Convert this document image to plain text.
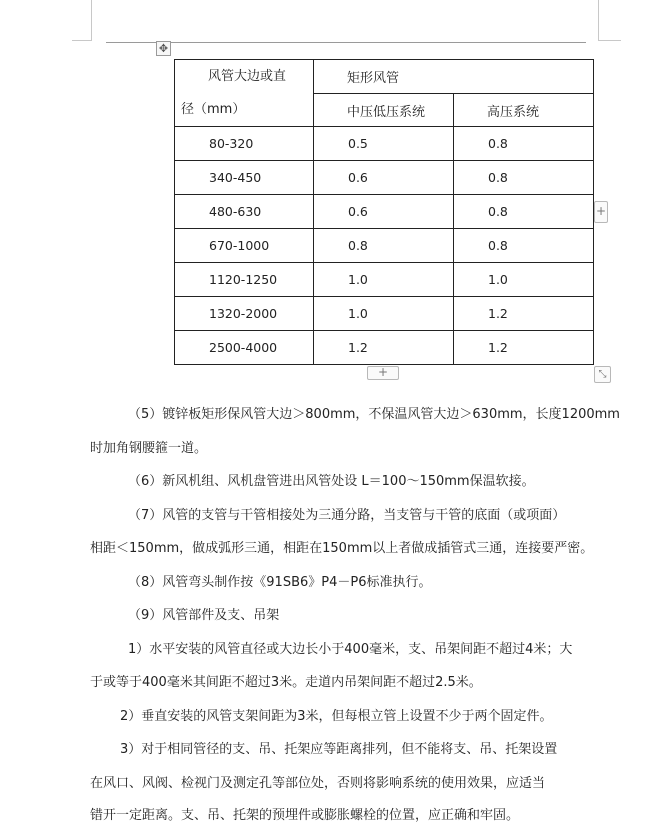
✥
风管大边或直
径（mm）	矩形风管	
	中压低压系统	高压系统
80-320	0.5	0.8
340-450	0.6	0.8
480-630	0.6	0.8
670-1000	0.8	0.8
1120-1250	1.0	1.0
1320-2000	1.0	1.2
2500-4000	1.2	1.2
+
+	⤡
（5）镀锌板矩形保风管大边＞800mm，不保温风管大边＞630mm，长度1200mm
时加角钢腰箍一道。
（6）新风机组、风机盘管进出风管处设 L＝100～150mm保温软接。
（7）风管的支管与干管相接处为三通分路，当支管与干管的底面（或项面）
相距＜150mm，做成弧形三通，相距在150mm以上者做成插管式三通，连接要严密。
（8）风管弯头制作按《91SB6》P4－P6标准执行。
（9）风管部件及支、吊架
1）水平安装的风管直径或大边长小于400毫米，支、吊架间距不超过4米；大
于或等于400毫米其间距不超过3米。走道内吊架间距不超过2.5米。
2）垂直安装的风管支架间距为3米，但每根立管上设置不少于两个固定件。
3）对于相同管径的支、吊、托架应等距离排列，但不能将支、吊、托架设置
在风口、风阀、检视门及测定孔等部位处，否则将影响系统的使用效果，应适当
错开一定距离。支、吊、托架的预埋件或膨胀螺栓的位置，应正确和牢固。
